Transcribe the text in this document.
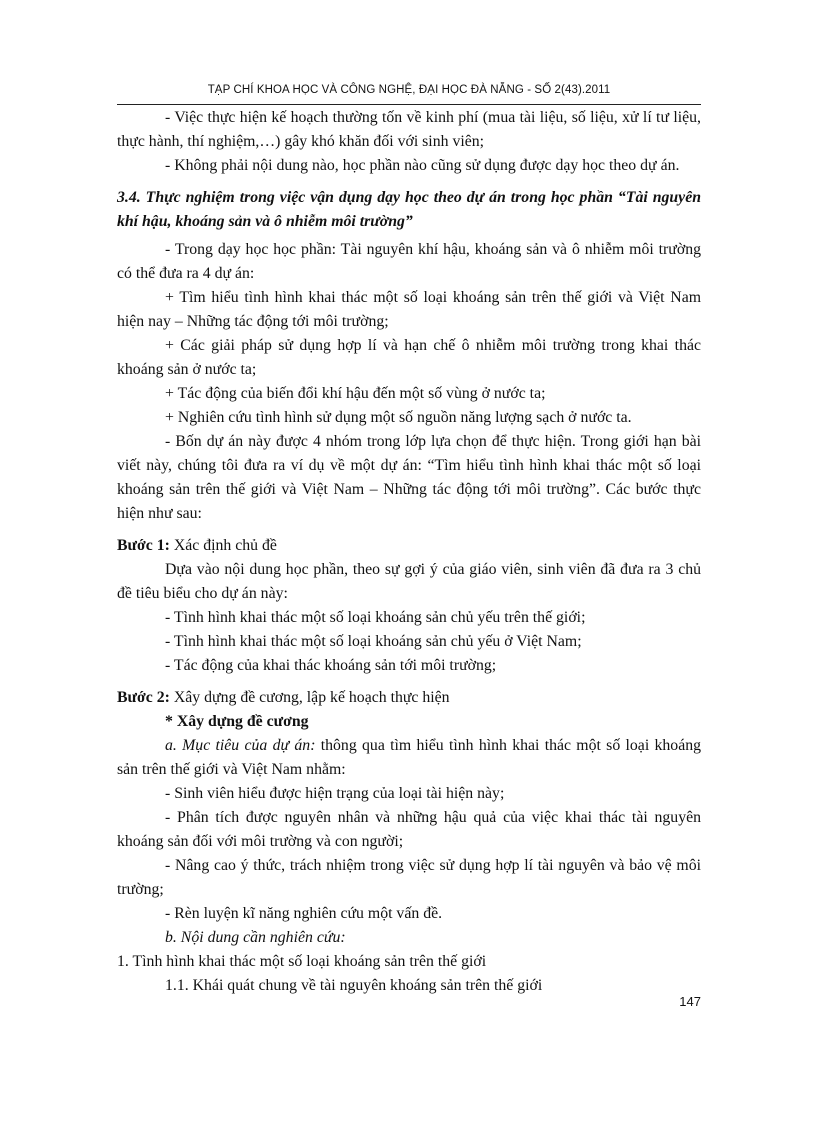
TẠP CHÍ KHOA HỌC VÀ CÔNG NGHỆ, ĐẠI HỌC ĐÀ NẴNG - SỐ 2(43).2011

- Việc thực hiện kế hoạch thường tốn về kinh phí (mua tài liệu, số liệu, xử lí tư liệu, thực hành, thí nghiệm,…) gây khó khăn đối với sinh viên;

- Không phải nội dung nào, học phần nào cũng sử dụng được dạy học theo dự án.

3.4. Thực nghiệm trong việc vận dụng dạy học theo dự án trong học phần “Tài nguyên khí hậu, khoáng sản và ô nhiễm môi trường”

- Trong dạy học học phần: Tài nguyên khí hậu, khoáng sản và ô nhiễm môi trường có thể đưa ra 4 dự án:

+ Tìm hiểu tình hình khai thác một số loại khoáng sản trên thế giới và Việt Nam hiện nay – Những tác động tới môi trường;

+ Các giải pháp sử dụng hợp lí và hạn chế ô nhiễm môi trường trong khai thác khoáng sản ở nước ta;

+ Tác động của biến đổi khí hậu đến một số vùng ở nước ta;

+ Nghiên cứu tình hình sử dụng một số nguồn năng lượng sạch ở nước ta.

- Bốn dự án này được 4 nhóm trong lớp lựa chọn để thực hiện. Trong giới hạn bài viết này, chúng tôi đưa ra ví dụ về một dự án: “Tìm hiểu tình hình khai thác một số loại khoáng sản trên thế giới và Việt Nam – Những tác động tới môi trường”. Các bước thực hiện như sau:

Bước 1: Xác định chủ đề

Dựa vào nội dung học phần, theo sự gợi ý của giáo viên, sinh viên đã đưa ra 3 chủ đề tiêu biểu cho dự án này:

- Tình hình khai thác một số loại khoáng sản chủ yếu trên thế giới;

- Tình hình khai thác một số loại khoáng sản chủ yếu ở Việt Nam;

- Tác động của khai thác khoáng sản tới môi trường;

Bước 2: Xây dựng đề cương, lập kế hoạch thực hiện

* Xây dựng đề cương

a. Mục tiêu của dự án: thông qua tìm hiểu tình hình khai thác một số loại khoáng sản trên thế giới và Việt Nam nhằm:

- Sinh viên hiểu được hiện trạng của loại tài hiện này;

- Phân tích được nguyên nhân và những hậu quả của việc khai thác tài nguyên khoáng sản đối với môi trường và con người;

- Nâng cao ý thức, trách nhiệm trong việc sử dụng hợp lí tài nguyên và bảo vệ môi trường;

- Rèn luyện kĩ năng nghiên cứu một vấn đề.

b. Nội dung cần nghiên cứu:

1. Tình hình khai thác một số loại khoáng sản trên thế giới

1.1. Khái quát chung về tài nguyên khoáng sản trên thế giới

147
